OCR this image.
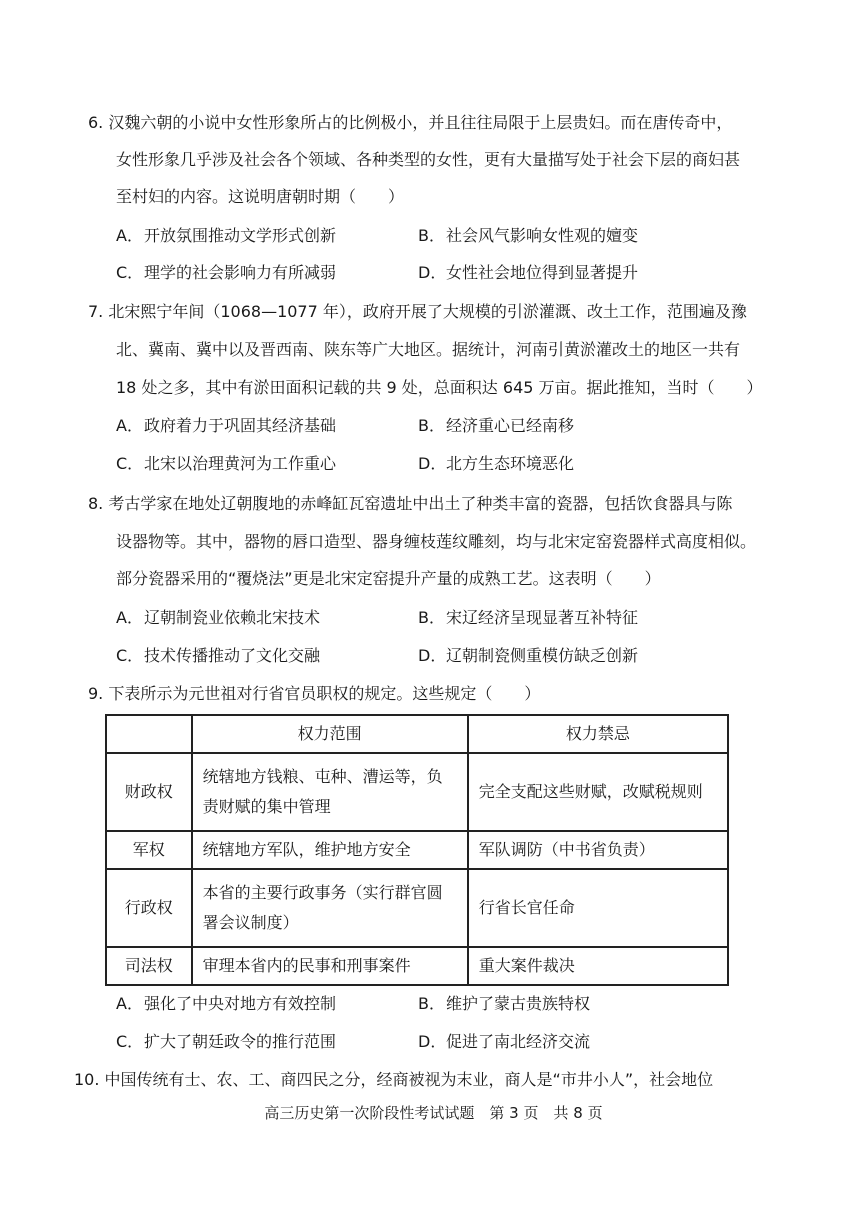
6. 汉魏六朝的小说中女性形象所占的比例极小，并且往往局限于上层贵妇。而在唐传奇中，
女性形象几乎涉及社会各个领域、各种类型的女性，更有大量描写处于社会下层的商妇甚
至村妇的内容。这说明唐朝时期（　　）
A．开放氛围推动文学形式创新	B．社会风气影响女性观的嬗变
C．理学的社会影响力有所减弱	D．女性社会地位得到显著提升
7. 北宋熙宁年间（1068—1077 年），政府开展了大规模的引淤灌溉、改土工作，范围遍及豫
北、冀南、冀中以及晋西南、陕东等广大地区。据统计，河南引黄淤灌改土的地区一共有
18 处之多，其中有淤田面积记载的共 9 处，总面积达 645 万亩。据此推知，当时（　　）
A．政府着力于巩固其经济基础	B．经济重心已经南移
C．北宋以治理黄河为工作重心	D．北方生态环境恶化
8. 考古学家在地处辽朝腹地的赤峰缸瓦窑遗址中出土了种类丰富的瓷器，包括饮食器具与陈
设器物等。其中，器物的唇口造型、器身缠枝莲纹雕刻，均与北宋定窑瓷器样式高度相似。
部分瓷器采用的“覆烧法”更是北宋定窑提升产量的成熟工艺。这表明（　　）
A．辽朝制瓷业依赖北宋技术	B．宋辽经济呈现显著互补特征
C．技术传播推动了文化交融	D．辽朝制瓷侧重模仿缺乏创新
9. 下表所示为元世祖对行省官员职权的规定。这些规定（　　）
	权力范围	权力禁忌
财政权	统辖地方钱粮、屯种、漕运等，负责财赋的集中管理	完全支配这些财赋，改赋税规则
军权	统辖地方军队，维护地方安全	军队调防（中书省负责）
行政权	本省的主要行政事务（实行群官圆署会议制度）	行省长官任命
司法权	审理本省内的民事和刑事案件	重大案件裁决
A．强化了中央对地方有效控制	B．维护了蒙古贵族特权
C．扩大了朝廷政令的推行范围	D．促进了南北经济交流
10. 中国传统有士、农、工、商四民之分，经商被视为末业，商人是“市井小人”，社会地位
高三历史第一次阶段性考试试题　第 3 页　共 8 页
